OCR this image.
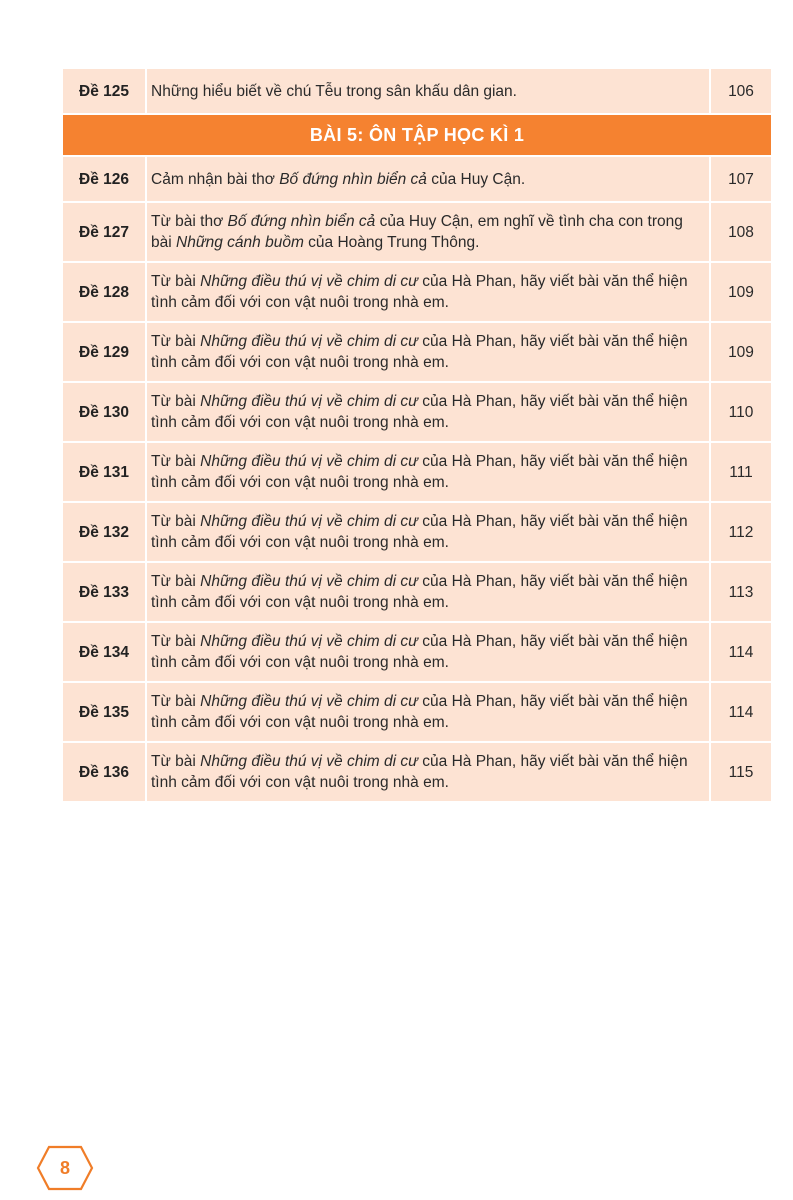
Đề 125	Những hiểu biết về chú Tễu trong sân khấu dân gian.	106
BÀI 5: ÔN TẬP HỌC KÌ 1		
Đề 126	Cảm nhận bài thơ Bố đứng nhìn biển cả của Huy Cận.	107
Đề 127	Từ bài thơ Bố đứng nhìn biển cả của Huy Cận, em nghĩ về tình cha con trong bài Những cánh buồm của Hoàng Trung Thông.	108
Đề 128	Từ bài Những điều thú vị về chim di cư của Hà Phan, hãy viết bài văn thể hiện tình cảm đối với con vật nuôi trong nhà em.	109
Đề 129	Từ bài Những điều thú vị về chim di cư của Hà Phan, hãy viết bài văn thể hiện tình cảm đối với con vật nuôi trong nhà em.	109
Đề 130	Từ bài Những điều thú vị về chim di cư của Hà Phan, hãy viết bài văn thể hiện tình cảm đối với con vật nuôi trong nhà em.	110
Đề 131	Từ bài Những điều thú vị về chim di cư của Hà Phan, hãy viết bài văn thể hiện tình cảm đối với con vật nuôi trong nhà em.	111
Đề 132	Từ bài Những điều thú vị về chim di cư của Hà Phan, hãy viết bài văn thể hiện tình cảm đối với con vật nuôi trong nhà em.	112
Đề 133	Từ bài Những điều thú vị về chim di cư của Hà Phan, hãy viết bài văn thể hiện tình cảm đối với con vật nuôi trong nhà em.	113
Đề 134	Từ bài Những điều thú vị về chim di cư của Hà Phan, hãy viết bài văn thể hiện tình cảm đối với con vật nuôi trong nhà em.	114
Đề 135	Từ bài Những điều thú vị về chim di cư của Hà Phan, hãy viết bài văn thể hiện tình cảm đối với con vật nuôi trong nhà em.	114
Đề 136	Từ bài Những điều thú vị về chim di cư của Hà Phan, hãy viết bài văn thể hiện tình cảm đối với con vật nuôi trong nhà em.	115
8
